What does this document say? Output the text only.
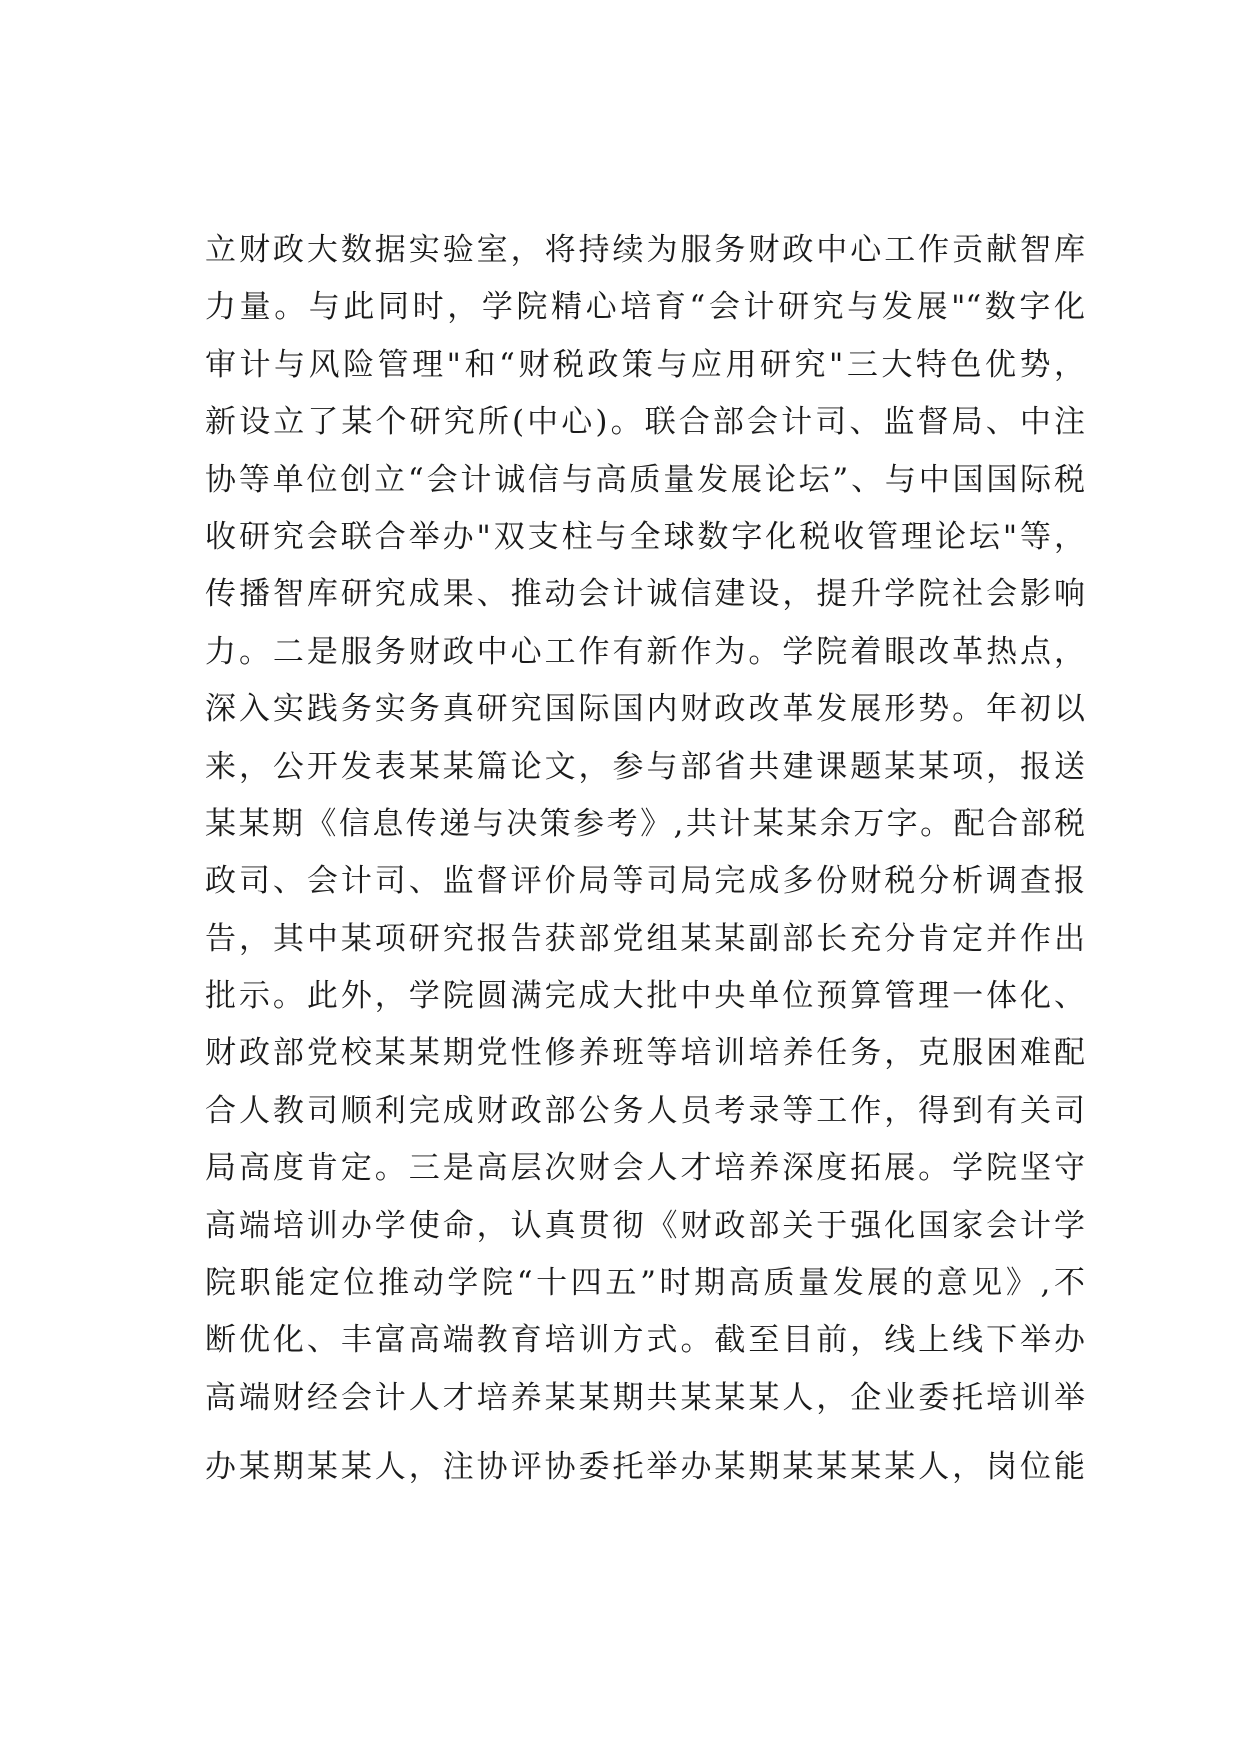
立财政大数据实验室，将持续为服务财政中心工作贡献智库
力量。与此同时，学院精心培育“会计研究与发展"“数字化
审计与风险管理"和“财税政策与应用研究"三大特色优势，
新设立了某个研究所(中心)。联合部会计司、监督局、中注
协等单位创立“会计诚信与高质量发展论坛”、与中国国际税
收研究会联合举办"双支柱与全球数字化税收管理论坛"等，
传播智库研究成果、推动会计诚信建设，提升学院社会影响
力。二是服务财政中心工作有新作为。学院着眼改革热点，
深入实践务实务真研究国际国内财政改革发展形势。年初以
来，公开发表某某篇论文，参与部省共建课题某某项，报送
某某期《信息传递与决策参考》,共计某某余万字。配合部税
政司、会计司、监督评价局等司局完成多份财税分析调查报
告，其中某项研究报告获部党组某某副部长充分肯定并作出
批示。此外，学院圆满完成大批中央单位预算管理一体化、
财政部党校某某期党性修养班等培训培养任务，克服困难配
合人教司顺利完成财政部公务人员考录等工作，得到有关司
局高度肯定。三是高层次财会人才培养深度拓展。学院坚守
高端培训办学使命，认真贯彻《财政部关于强化国家会计学
院职能定位推动学院“十四五”时期高质量发展的意见》,不
断优化、丰富高端教育培训方式。截至目前，线上线下举办
高端财经会计人才培养某某期共某某某人，企业委托培训举
办某期某某人，注协评协委托举办某期某某某某人，岗位能
